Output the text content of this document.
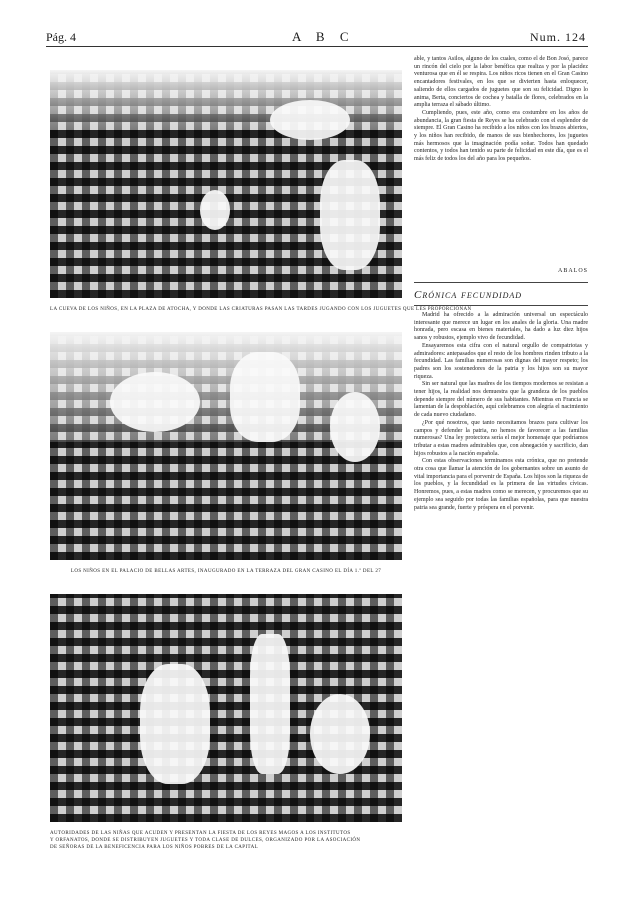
Pág. 4	A B C	Num. 124
LA CUEVA DE LOS NIÑOS, EN LA PLAZA DE ATOCHA, Y DONDE LAS CRIATURAS PASAN LAS TARDES JUGANDO CON LOS JUGUETES QUE LES PROPORCIONAN
LOS NIÑOS EN EL PALACIO DE BELLAS ARTES, INAUGURADO EN LA TERRAZA DEL GRAN CASINO EL DÍA 1.º DEL 27
AUTORIDADES DE LAS NIÑAS QUE ACUDEN Y PRESENTAN LA FIESTA DE LOS REYES MAGOS A LOS INSTITUTOS
Y ORFANATOS, DONDE SE DISTRIBUYEN JUGUETES Y TODA CLASE DE DULCES, ORGANIZADO POR LA ASOCIACIÓN
DE SEÑORAS DE LA BENEFICENCIA PARA LOS NIÑOS POBRES DE LA CAPITAL

able, y tantos Asilos, alguno de los cuales, como el de Bon Josó, parece un rincón del cielo por la labor benéfica que realiza y por la placidez venturosa que en él se respira. Los niños ricos tienen en el Gran Casino encantadores festivales, en los que se divierten hasta enloquecer, saliendo de ellos cargados de juguetes que son su felicidad. Digno lo anima, Berta, conciertos de cochea y batalla de flores, celebrados en la amplia terraza el sábado último.

Cumpliendo, pues, este año, como era costumbre en los años de abundancia, la gran fiesta de Reyes se ha celebrado con el esplendor de siempre. El Gran Casino ha recibido a los niños con los brazos abiertos, y los niños han recibido, de manos de sus bienhechores, los juguetes más hermosos que la imaginación podía soñar. Todos han quedado contentos, y todos han tenido su parte de felicidad en este día, que es el más feliz de todos los del año para los pequeños.

ABALOS
Crónica fecundidad

Madrid ha ofrecido a la admiración universal un espectáculo interesante que merece un lugar en los anales de la gloria. Una madre honrada, pero escasa en bienes materiales, ha dado a luz diez hijos sanos y robustos, ejemplo vivo de fecundidad.

Ensayaremos esta cifra con el natural orgullo de compatriotas y admiradores: antepasados que el resto de los hombres rinden tributo a la fecundidad. Las familias numerosas son dignas del mayor respeto; los padres son los sostenedores de la patria y los hijos son su mayor riqueza.

Sin ser natural que las madres de los tiempos modernos se resistan a tener hijos, la realidad nos demuestra que la grandeza de los pueblos depende siempre del número de sus habitantes. Mientras en Francia se lamentan de la despoblación, aquí celebramos con alegría el nacimiento de cada nuevo ciudadano.

¿Por qué nosotros, que tanto necesitamos brazos para cultivar los campos y defender la patria, no hemos de favorecer a las familias numerosas? Una ley protectora sería el mejor homenaje que podríamos tributar a estas madres admirables que, con abnegación y sacrificio, dan hijos robustos a la nación española.

Con estas observaciones terminamos esta crónica, que no pretende otra cosa que llamar la atención de los gobernantes sobre un asunto de vital importancia para el porvenir de España. Los hijos son la riqueza de los pueblos, y la fecundidad es la primera de las virtudes cívicas. Honremos, pues, a estas madres como se merecen, y procuremos que su ejemplo sea seguido por todas las familias españolas, para que nuestra patria sea grande, fuerte y próspera en el porvenir.
